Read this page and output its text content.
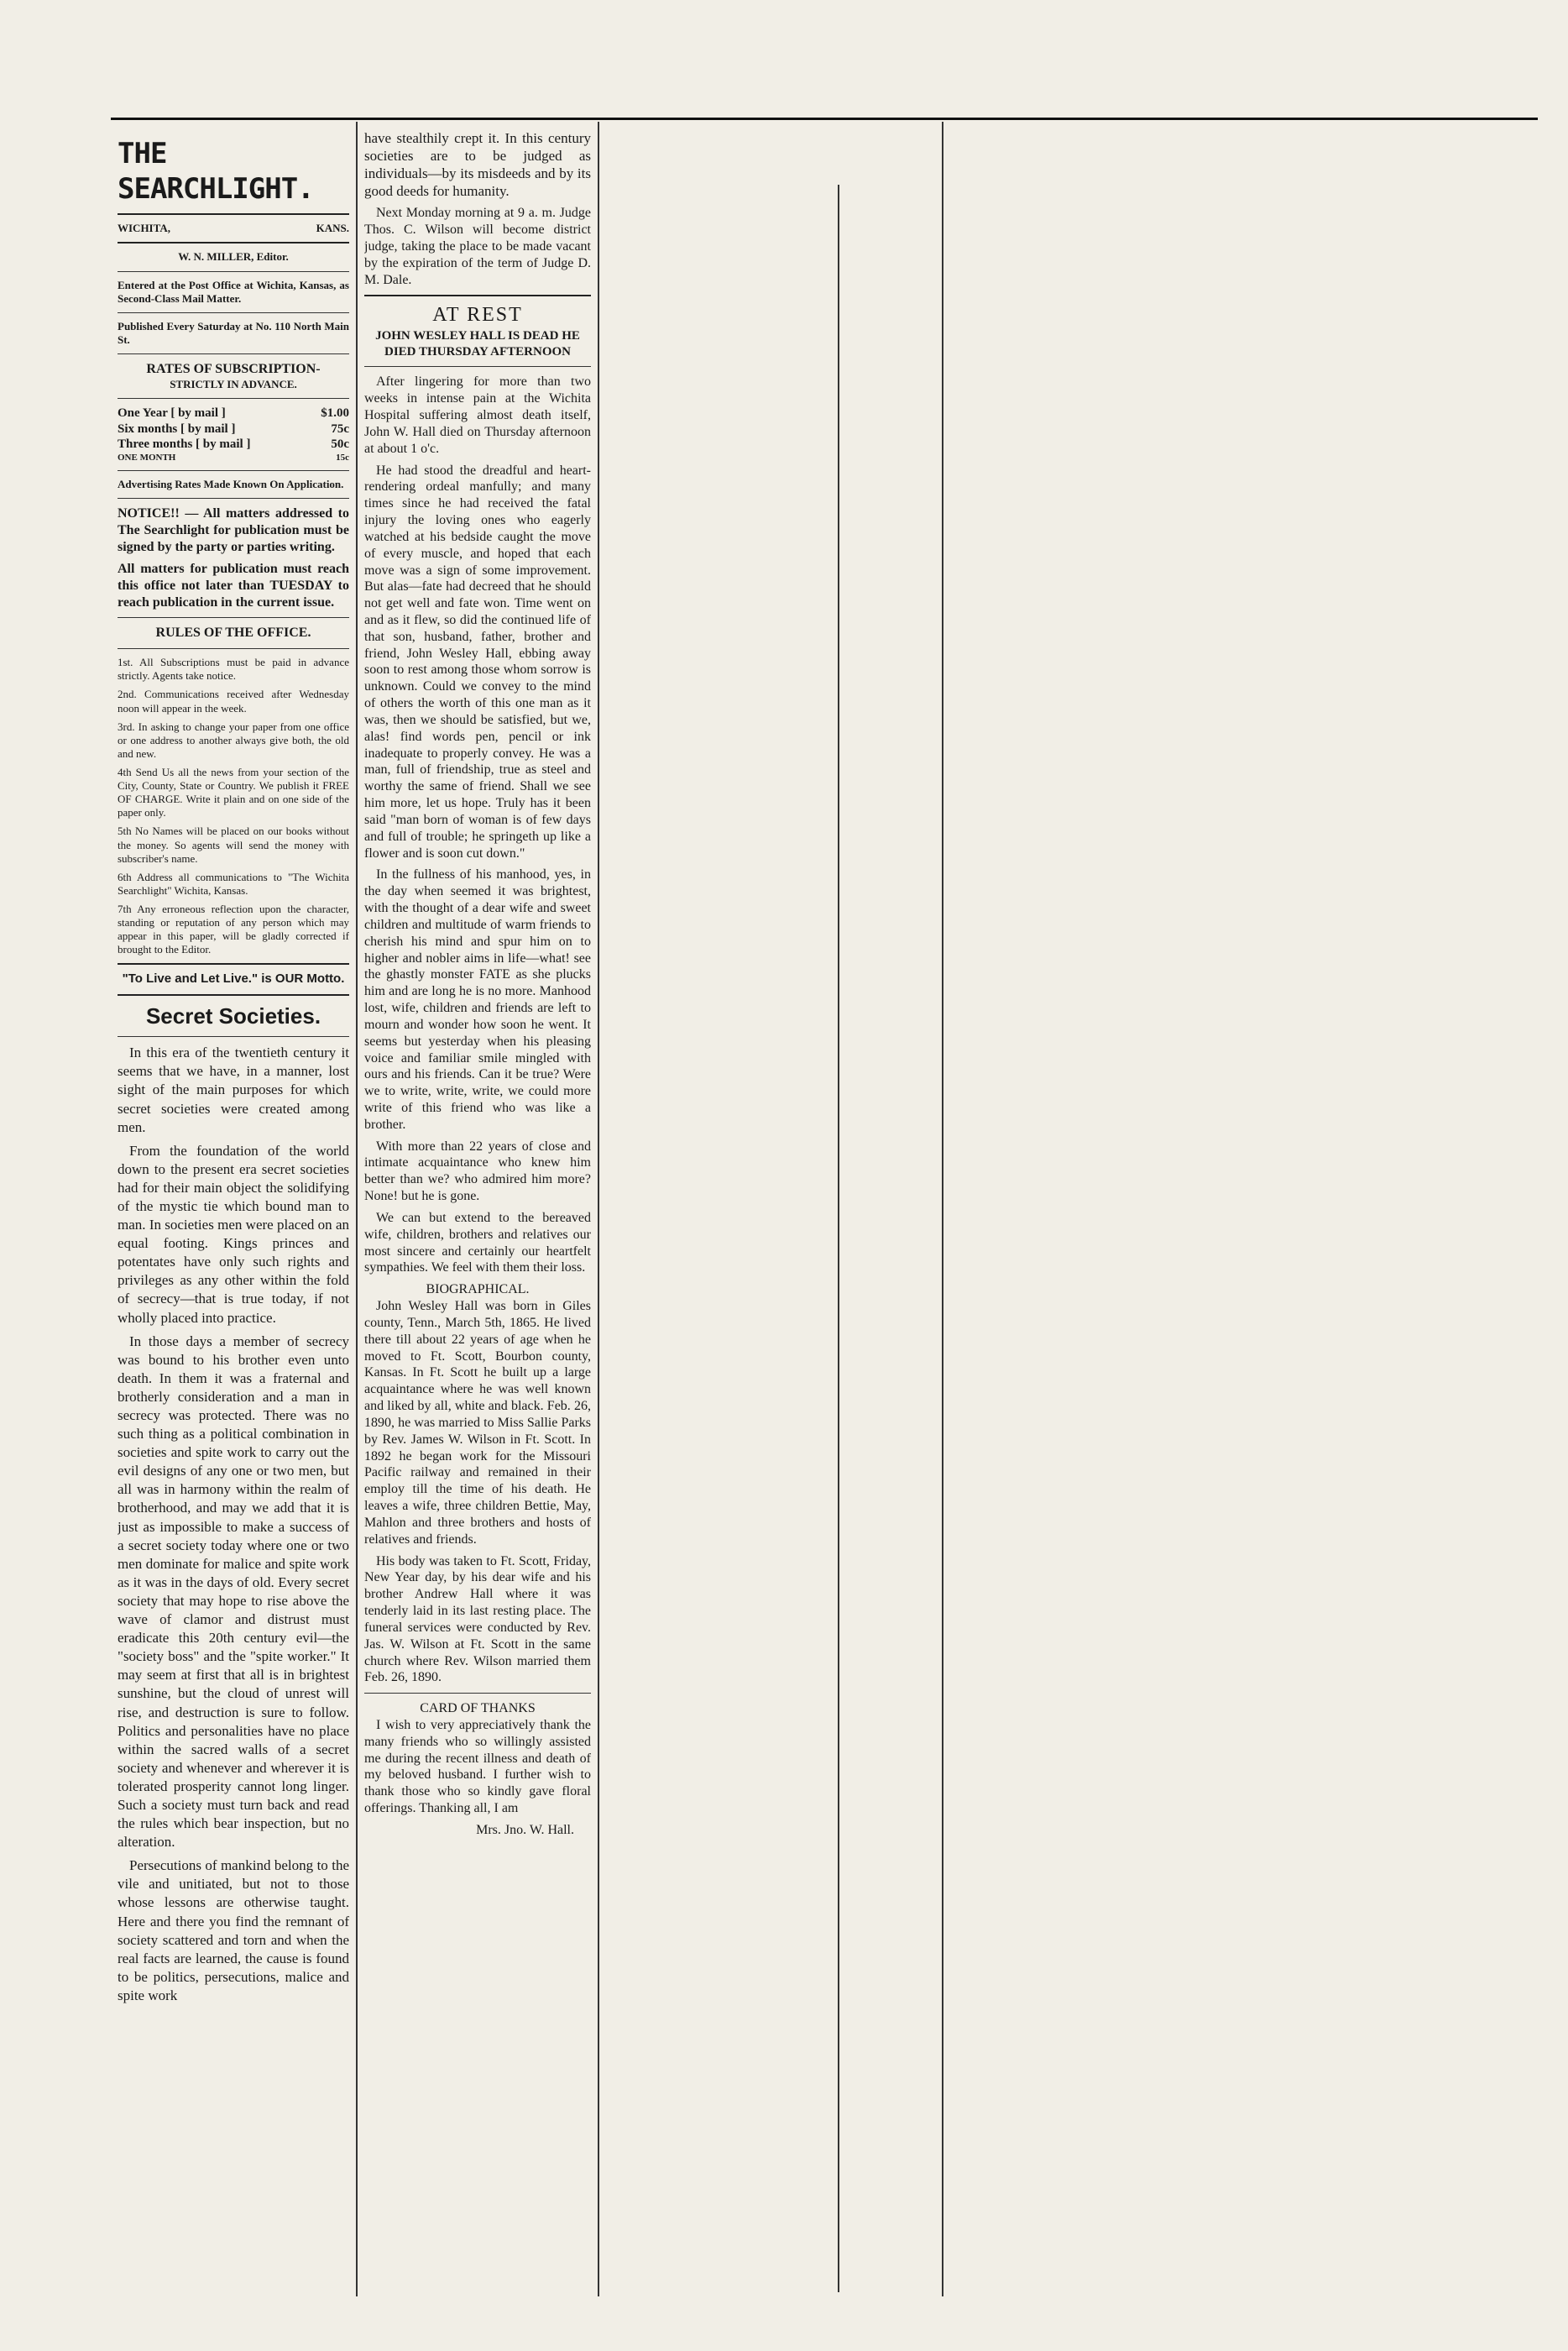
THE SEARCHLIGHT.
WICHITA,	KANS.
W. N. MILLER, Editor.

Entered at the Post Office at Wichita, Kansas, as Second-Class Mail Matter.

Published Every Saturday at No. 110 North Main St.

RATES OF SUBSCRIPTION-
STRICTLY IN ADVANCE.
One Year [ by mail ]	$1.00
Six months [ by mail ]	75c
Three months [ by mail ]	50c
ONE MONTH	15c

Advertising Rates Made Known On Application.

NOTICE!! — All matters addressed to The Searchlight for publication must be signed by the party or parties writing.

All matters for publication must reach this office not later than TUESDAY to reach publication in the current issue.

RULES OF THE OFFICE.

1st. All Subscriptions must be paid in advance strictly. Agents take notice.

2nd. Communications received after Wednesday noon will appear in the week.

3rd. In asking to change your paper from one office or one address to another always give both, the old and new.

4th Send Us all the news from your section of the City, County, State or Country. We publish it FREE OF CHARGE. Write it plain and on one side of the paper only.

5th No Names will be placed on our books without the money. So agents will send the money with subscriber's name.

6th Address all communications to "The Wichita Searchlight" Wichita, Kansas.

7th Any erroneous reflection upon the character, standing or reputation of any person which may appear in this paper, will be gladly corrected if brought to the Editor.

"To Live and Let Live." is OUR Motto.
Secret Societies.

In this era of the twentieth century it seems that we have, in a manner, lost sight of the main purposes for which secret societies were created among men.

From the foundation of the world down to the present era secret societies had for their main object the solidifying of the mystic tie which bound man to man. In societies men were placed on an equal footing. Kings princes and potentates have only such rights and privileges as any other within the fold of secrecy—that is true today, if not wholly placed into practice.

In those days a member of secrecy was bound to his brother even unto death. In them it was a fraternal and brotherly consideration and a man in secrecy was protected. There was no such thing as a political combination in societies and spite work to carry out the evil designs of any one or two men, but all was in harmony within the realm of brotherhood, and may we add that it is just as impossible to make a success of a secret society today where one or two men dominate for malice and spite work as it was in the days of old. Every secret society that may hope to rise above the wave of clamor and distrust must eradicate this 20th century evil—the "society boss" and the "spite worker." It may seem at first that all is in brightest sunshine, but the cloud of unrest will rise, and destruction is sure to follow. Politics and personalities have no place within the sacred walls of a secret society and whenever and wherever it is tolerated prosperity cannot long linger. Such a society must turn back and read the rules which bear inspection, but no alteration.

Persecutions of mankind belong to the vile and unitiated, but not to those whose lessons are otherwise taught. Here and there you find the remnant of society scattered and torn and when the real facts are learned, the cause is found to be politics, persecutions, malice and spite work

have stealthily crept it. In this century societies are to be judged as individuals—by its misdeeds and by its good deeds for humanity.

Next Monday morning at 9 a. m. Judge Thos. C. Wilson will become district judge, taking the place to be made vacant by the expiration of the term of Judge D. M. Dale.

AT REST
JOHN WESLEY HALL IS DEAD HE DIED THURSDAY AFTERNOON

After lingering for more than two weeks in intense pain at the Wichita Hospital suffering almost death itself, John W. Hall died on Thursday afternoon at about 1 o'c.

He had stood the dreadful and heart-rendering ordeal manfully; and many times since he had received the fatal injury the loving ones who eagerly watched at his bedside caught the move of every muscle, and hoped that each move was a sign of some improvement. But alas—fate had decreed that he should not get well and fate won. Time went on and as it flew, so did the continued life of that son, husband, father, brother and friend, John Wesley Hall, ebbing away soon to rest among those whom sorrow is unknown. Could we convey to the mind of others the worth of this one man as it was, then we should be satisfied, but we, alas! find words pen, pencil or ink inadequate to properly convey. He was a man, full of friendship, true as steel and worthy the same of friend. Shall we see him more, let us hope. Truly has it been said "man born of woman is of few days and full of trouble; he springeth up like a flower and is soon cut down."

In the fullness of his manhood, yes, in the day when seemed it was brightest, with the thought of a dear wife and sweet children and multitude of warm friends to cherish his mind and spur him on to higher and nobler aims in life—what! see the ghastly monster FATE as she plucks him and are long he is no more. Manhood lost, wife, children and friends are left to mourn and wonder how soon he went. It seems but yesterday when his pleasing voice and familiar smile mingled with ours and his friends. Can it be true? Were we to write, write, write, we could more write of this friend who was like a brother.

With more than 22 years of close and intimate acquaintance who knew him better than we? who admired him more? None! but he is gone.

We can but extend to the bereaved wife, children, brothers and relatives our most sincere and certainly our heartfelt sympathies. We feel with them their loss.

BIOGRAPHICAL.

John Wesley Hall was born in Giles county, Tenn., March 5th, 1865. He lived there till about 22 years of age when he moved to Ft. Scott, Bourbon county, Kansas. In Ft. Scott he built up a large acquaintance where he was well known and liked by all, white and black. Feb. 26, 1890, he was married to Miss Sallie Parks by Rev. James W. Wilson in Ft. Scott. In 1892 he began work for the Missouri Pacific railway and remained in their employ till the time of his death. He leaves a wife, three children Bettie, May, Mahlon and three brothers and hosts of relatives and friends.

His body was taken to Ft. Scott, Friday, New Year day, by his dear wife and his brother Andrew Hall where it was tenderly laid in its last resting place. The funeral services were conducted by Rev. Jas. W. Wilson at Ft. Scott in the same church where Rev. Wilson married them Feb. 26, 1890.

CARD OF THANKS

I wish to very appreciatively thank the many friends who so willingly assisted me during the recent illness and death of my beloved husband. I further wish to thank those who so kindly gave floral offerings. Thanking all, I am

Mrs. Jno. W. Hall.
